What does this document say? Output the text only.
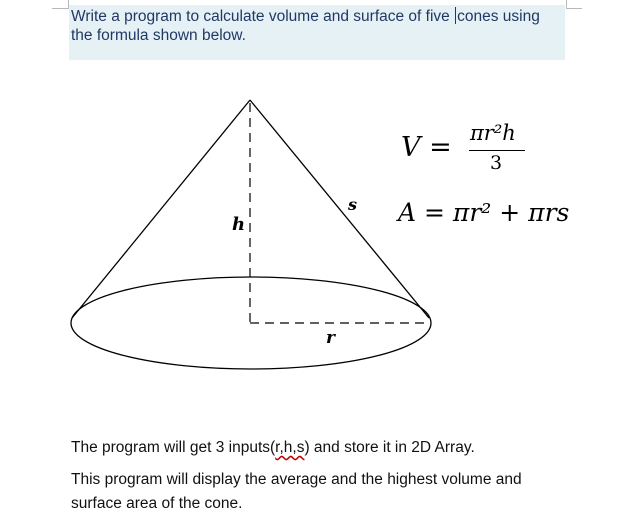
Write a program to calculate volume and surface of five cones using the formula shown below.
h
s
r
V = πr²h
3
A = πr² + πrs
The program will get 3 inputs(r,h,s) and store it in 2D Array.
This program will display the average and the highest volume and surface area of the cone.
